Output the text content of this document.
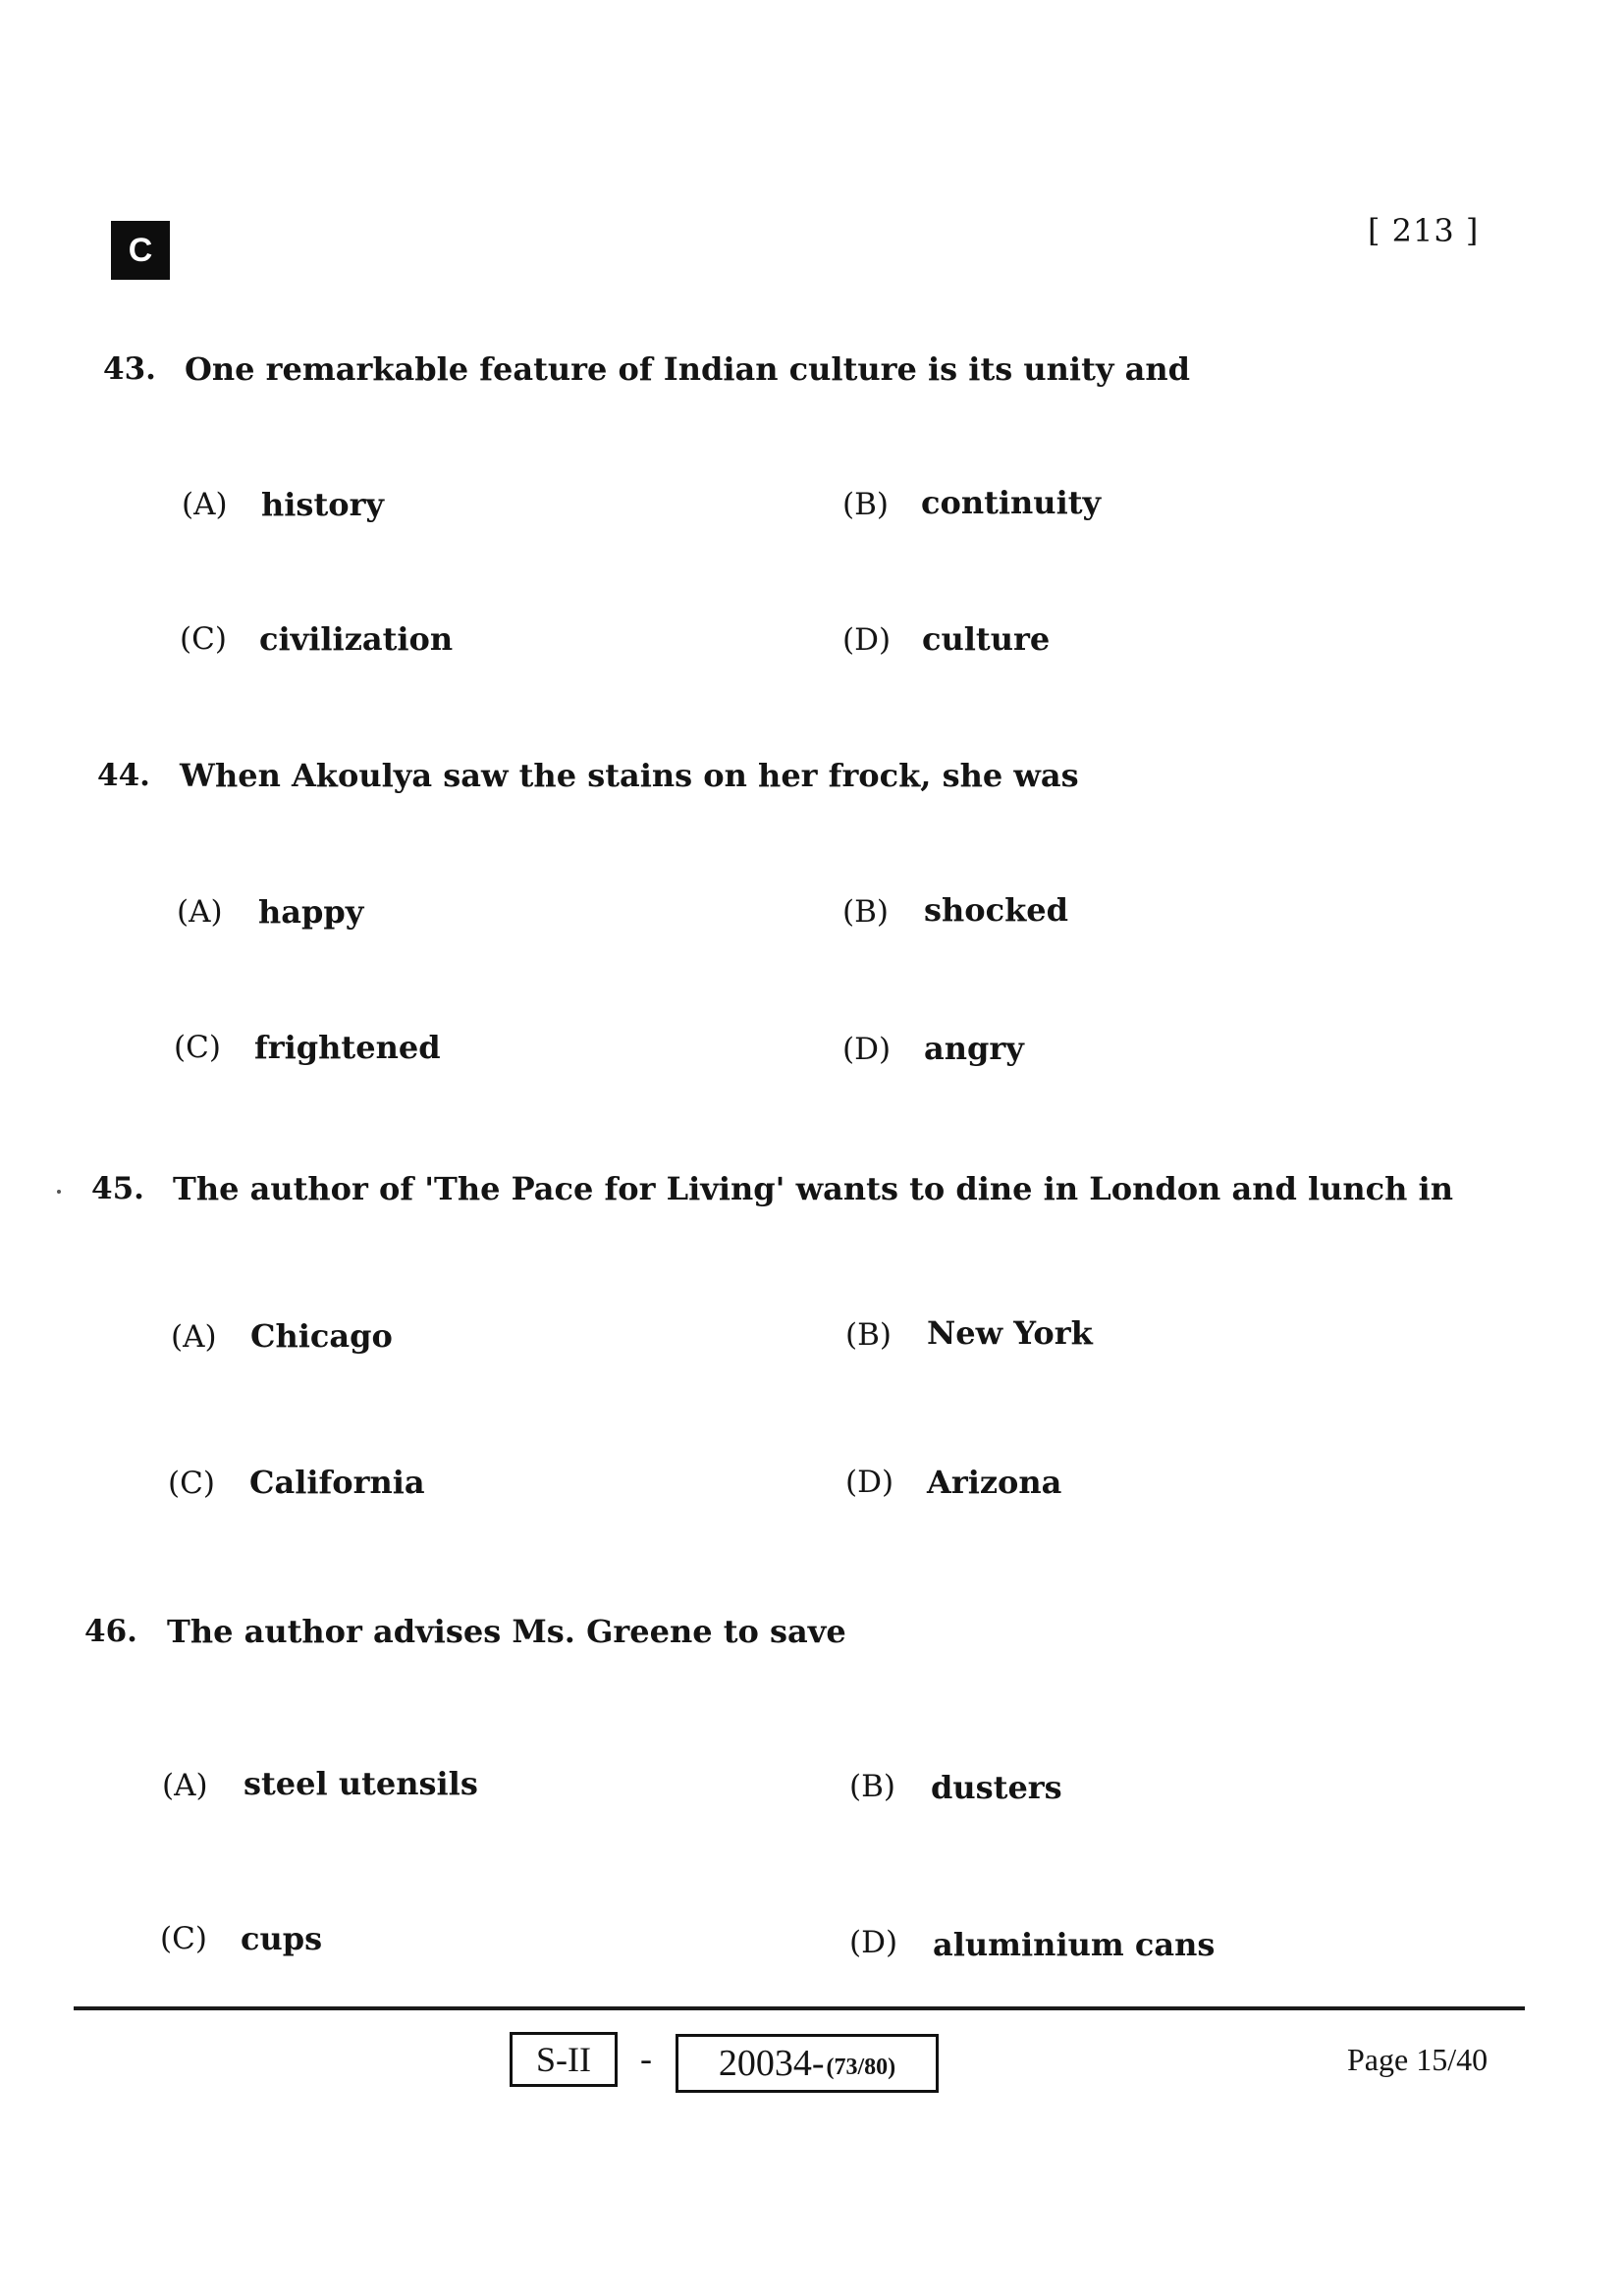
C
[ 213 ]
43. One remarkable feature of Indian culture is its unity and
(A) history	(B) continuity
(C) civilization	(D) culture
44. When Akoulya saw the stains on her frock, she was
(A) happy	(B) shocked
(C) frightened	(D) angry
45. The author of 'The Pace for Living' wants to dine in London and lunch in
(A) Chicago	(B) New York
(C) California	(D) Arizona
46. The author advises Ms. Greene to save
(A) steel utensils	(B) dusters
(C) cups	(D) aluminium cans
S-II	- 20034- (73/80)	Page 15/40
